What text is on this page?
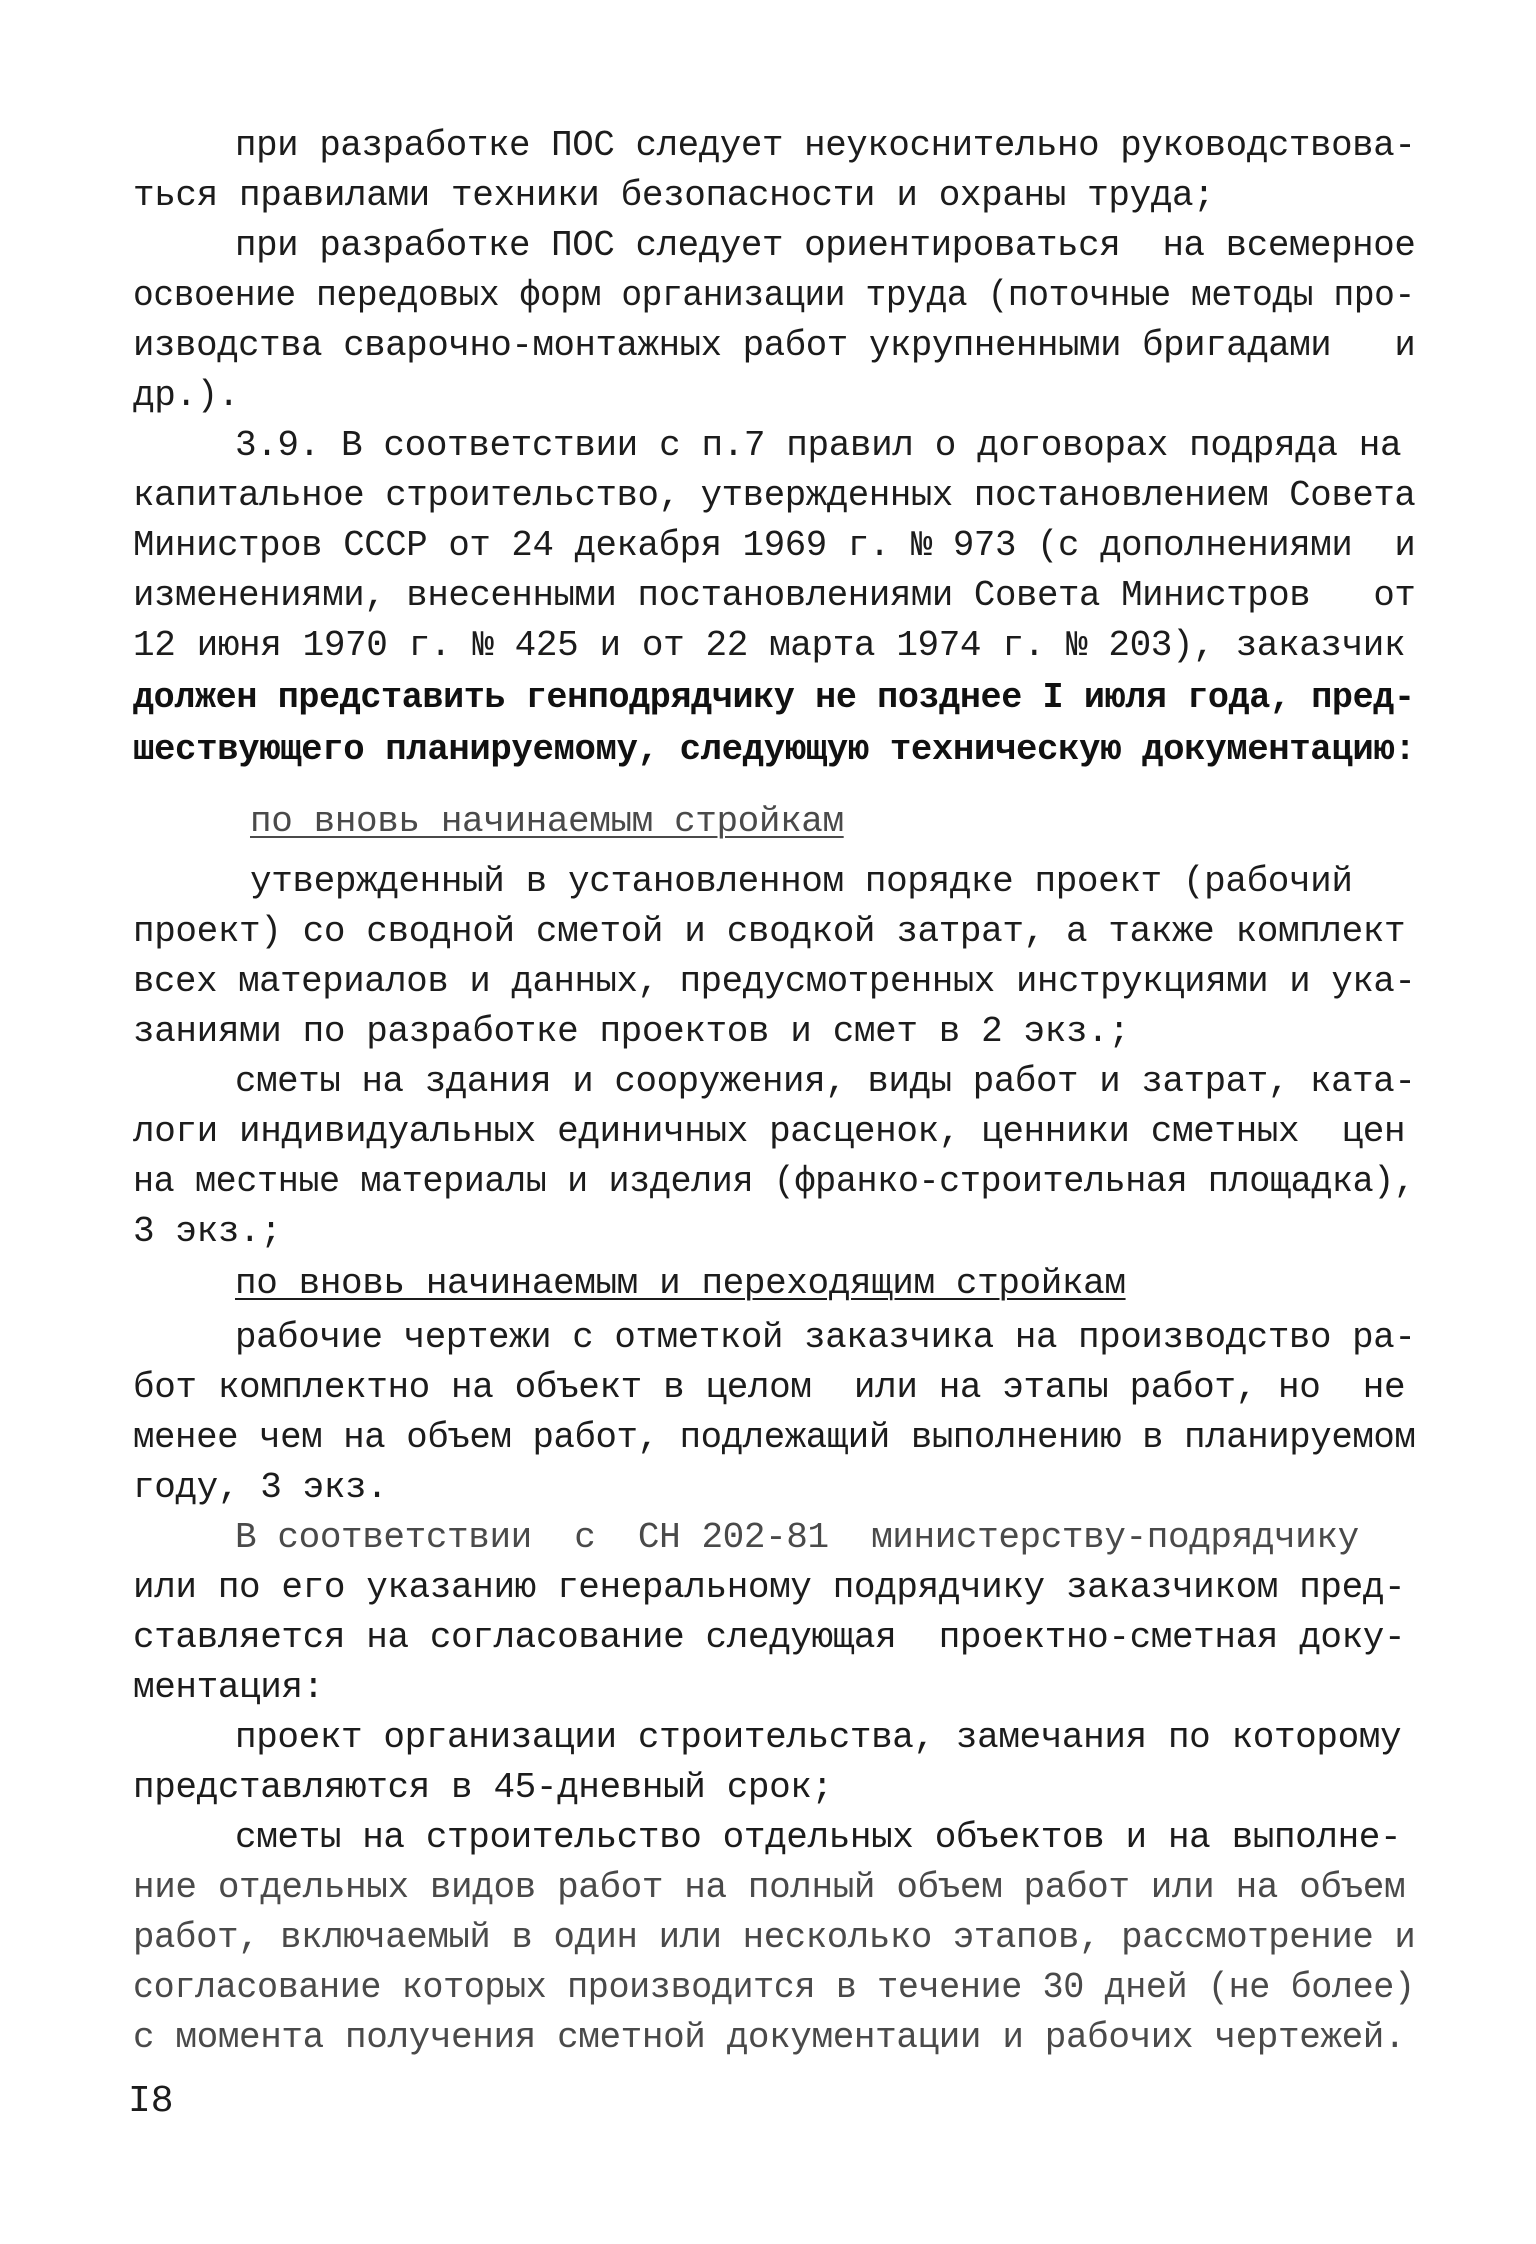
при разработке ПОС следует неукоснительно руководствова-

ться правилами техники безопасности и охраны труда;

при разработке ПОС следует ориентироваться  на всемерное

освоение передовых форм организации труда (поточные методы про-

изводства сварочно-монтажных работ укрупненными бригадами   и

др.).

3.9. В соответствии с п.7 правил о договорах подряда на

капитальное строительство, утвержденных постановлением Совета

Министров СССР от 24 декабря 1969 г. № 973 (с дополнениями  и

изменениями, внесенными постановлениями Совета Министров   от

12 июня 1970 г. № 425 и от 22 марта 1974 г. № 203), заказчик

должен представить генподрядчику не позднее I июля года, пред-

шествующего планируемому, следующую техническую документацию:

по вновь начинаемым стройкам

утвержденный в установленном порядке проект (рабочий

проект) со сводной сметой и сводкой затрат, а также комплект

всех материалов и данных, предусмотренных инструкциями и ука-

заниями по разработке проектов и смет в 2 экз.;

сметы на здания и сооружения, виды работ и затрат, ката-

логи индивидуальных единичных расценок, ценники сметных  цен

на местные материалы и изделия (франко-строительная площадка),

3 экз.;

по вновь начинаемым и переходящим стройкам

рабочие чертежи с отметкой заказчика на производство ра-

бот комплектно на объект в целом  или на этапы работ, но  не

менее чем на объем работ, подлежащий выполнению в планируемом

году, 3 экз.

В соответствии  с  СН 202-81  министерству-подрядчику

или по его указанию генеральному подрядчику заказчиком пред-

ставляется на согласование следующая  проектно-сметная доку-

ментация:

проект организации строительства, замечания по которому

представляются в 45-дневный срок;

сметы на строительство отдельных объектов и на выполне-

ние отдельных видов работ на полный объем работ или на объем

работ, включаемый в один или несколько этапов, рассмотрение и

согласование которых производится в течение 30 дней (не более)

с момента получения сметной документации и рабочих чертежей.

I8
